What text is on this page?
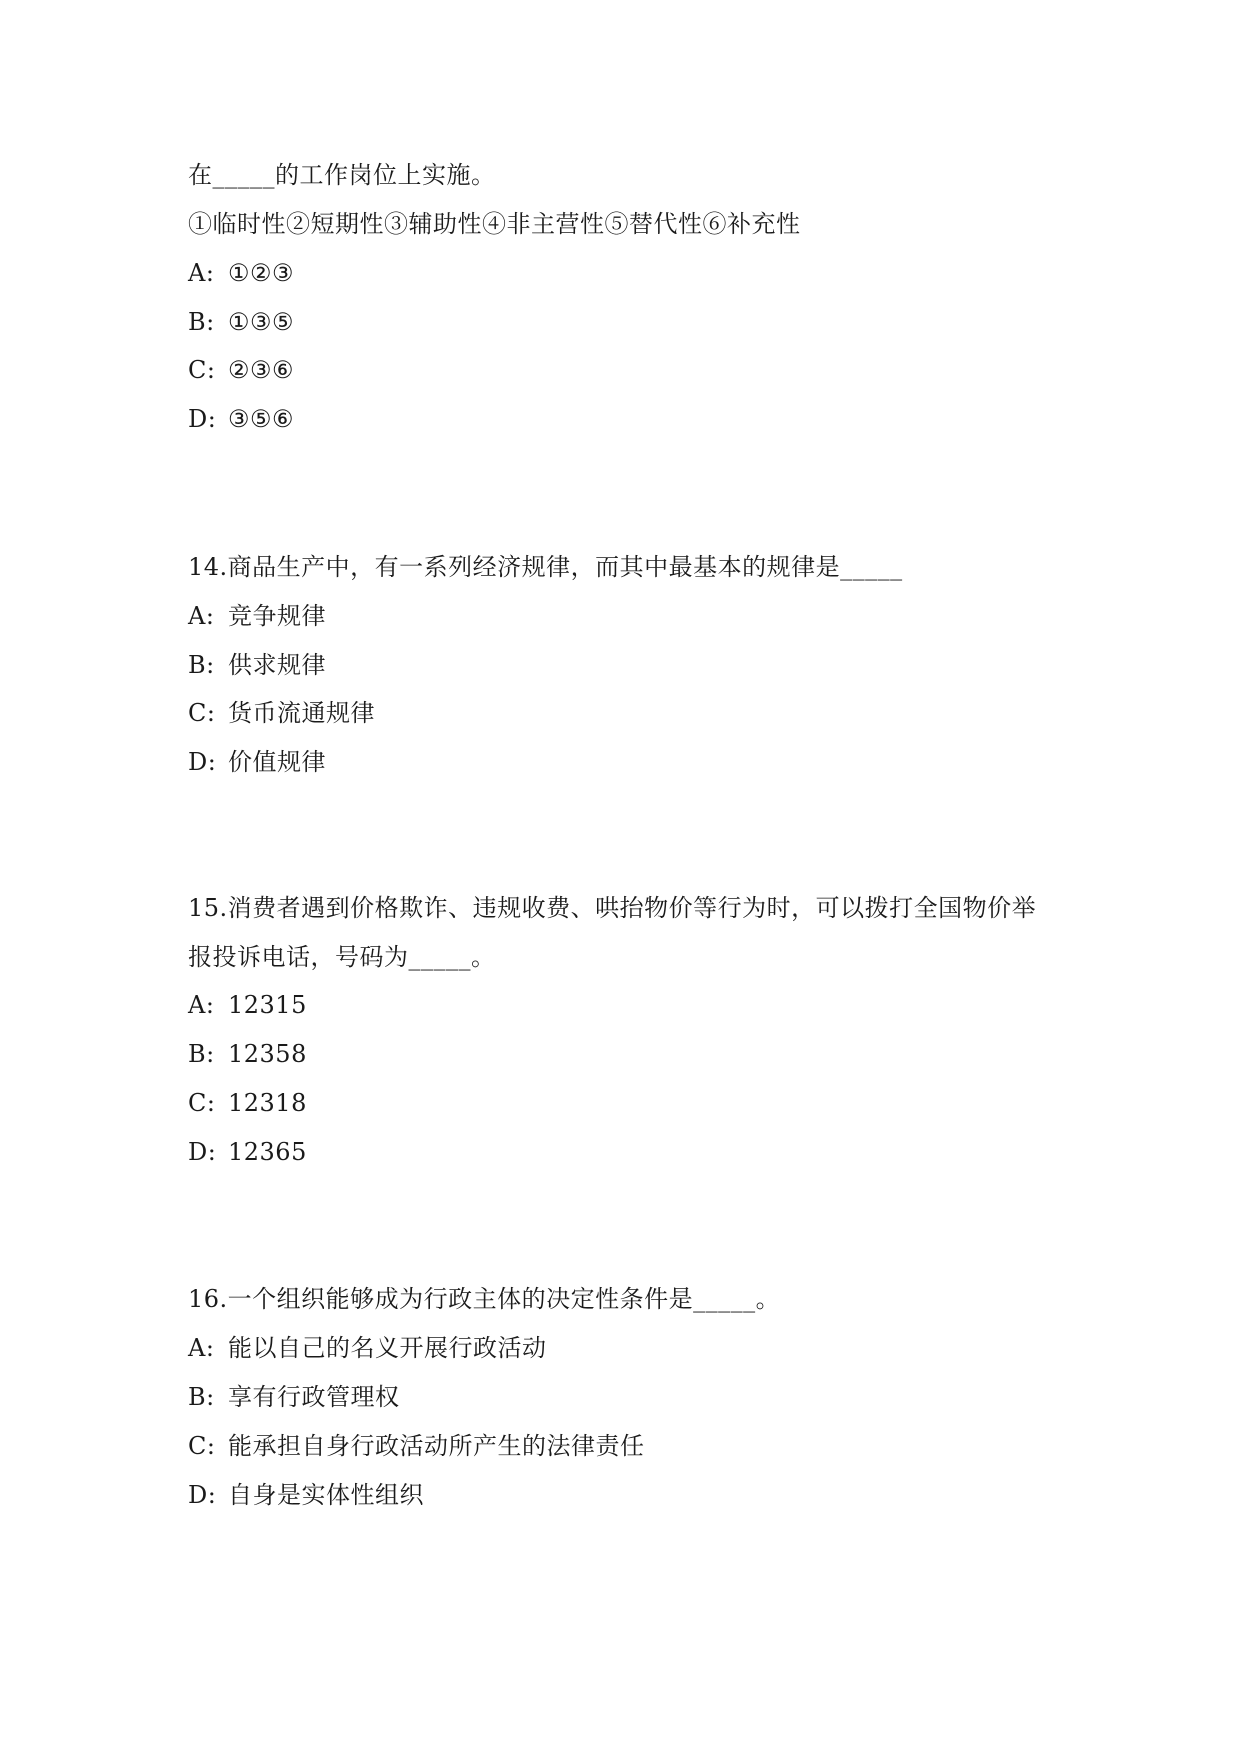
在_____的工作岗位上实施。
①临时性②短期性③辅助性④非主营性⑤替代性⑥补充性
A: ①②③
B: ①③⑤
C: ②③⑥
D: ③⑤⑥
14.商品生产中，有一系列经济规律，而其中最基本的规律是_____
A: 竞争规律
B: 供求规律
C: 货币流通规律
D: 价值规律
15.消费者遇到价格欺诈、违规收费、哄抬物价等行为时，可以拨打全国物价举
报投诉电话，号码为_____。
A: 12315
B: 12358
C: 12318
D: 12365
16.一个组织能够成为行政主体的决定性条件是_____。
A: 能以自己的名义开展行政活动
B: 享有行政管理权
C: 能承担自身行政活动所产生的法律责任
D: 自身是实体性组织
